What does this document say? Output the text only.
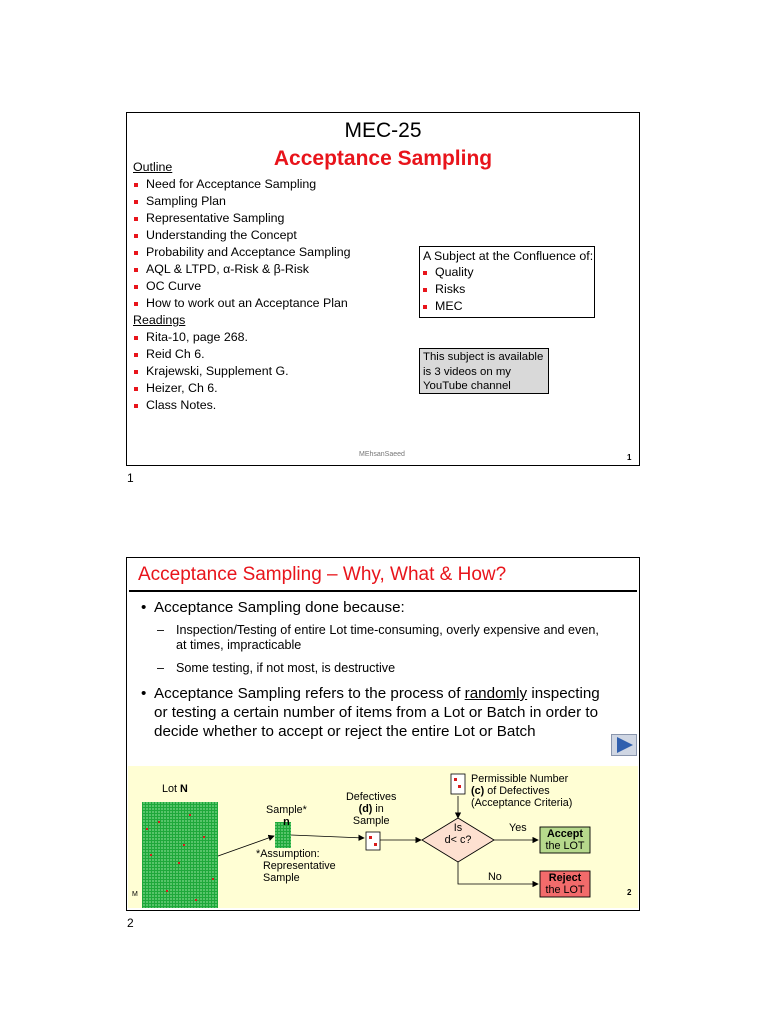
MEC-25
Acceptance Sampling
Outline
Need for Acceptance Sampling
Sampling Plan
Representative Sampling
Understanding the Concept
Probability and Acceptance Sampling
AQL & LTPD, α-Risk & β-Risk
OC Curve
How to work out an Acceptance Plan
Readings
Rita-10, page 268.
Reid Ch 6.
Krajewski, Supplement G.
Heizer, Ch 6.
Class Notes.
A Subject at the Confluence of:
Quality
Risks
MEC
This subject is available
is 3 videos on my
YouTube channel
MEhsanSaeed	1
1
Acceptance Sampling – Why, What & How?
• Acceptance Sampling done because:
– Inspection/Testing of entire Lot time-consuming, overly expensive and even,
at times, impracticable
– Some testing, if not most, is destructive
• Acceptance Sampling refers to the process of randomly inspecting
or testing a certain number of items from a Lot or Batch in order to
decide whether to accept or reject the entire Lot or Batch
Lot N
Sample*
n
*Assumption:
Representative
Sample
Defectives
(d) in
Sample
Permissible Number
(c) of Defectives
(Acceptance Criteria)
Is
d< c?
Yes
No
Accept
the LOT
Reject
the LOT
M	2
2
